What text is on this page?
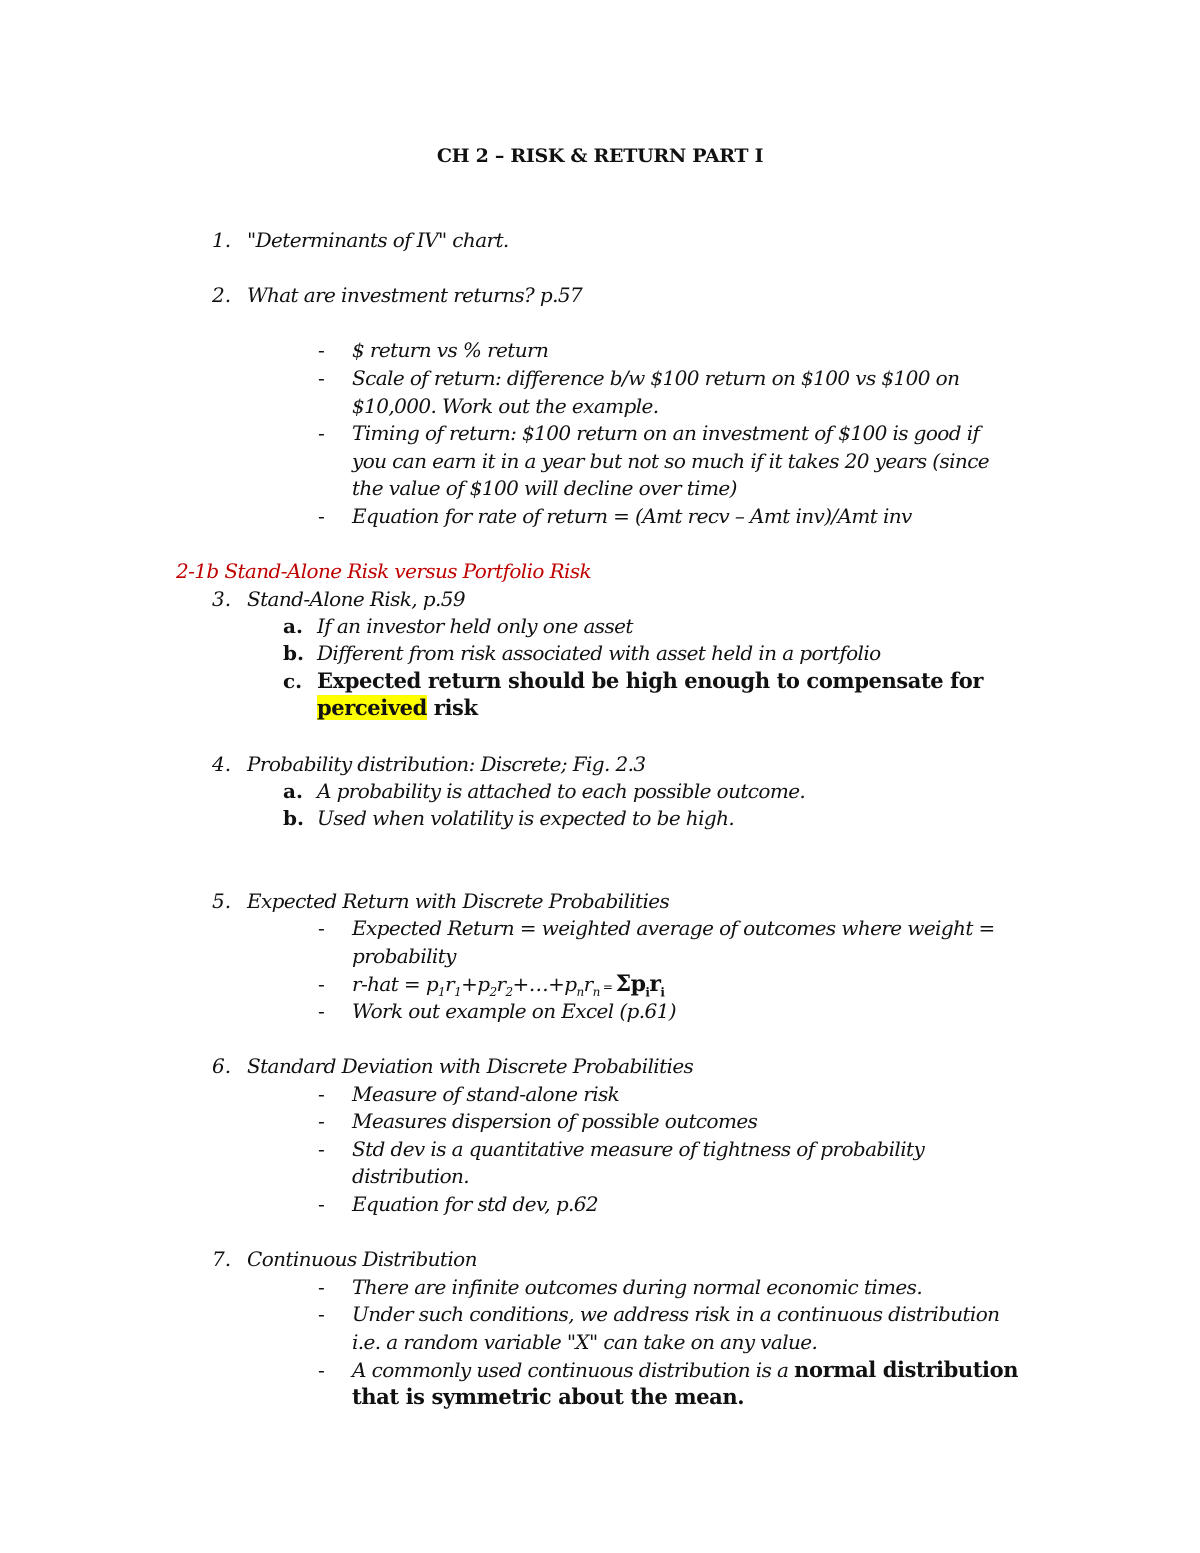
CH 2 – RISK & RETURN PART I
1. "Determinants of IV" chart.
2. What are investment returns? p.57
- $ return vs % return
- Scale of return: difference b/w $100 return on $100 vs $100 on
$10,000. Work out the example.
- Timing of return: $100 return on an investment of $100 is good if
you can earn it in a year but not so much if it takes 20 years (since
the value of $100 will decline over time)
- Equation for rate of return = (Amt recv – Amt inv)/Amt inv
2-1b Stand-Alone Risk versus Portfolio Risk
3. Stand-Alone Risk, p.59
a. If an investor held only one asset
b. Different from risk associated with asset held in a portfolio
c. Expected return should be high enough to compensate for
perceived risk
4. Probability distribution: Discrete; Fig. 2.3
a. A probability is attached to each possible outcome.
b. Used when volatility is expected to be high.
5. Expected Return with Discrete Probabilities
- Expected Return = weighted average of outcomes where weight =
probability
- $r-hat = p_1r_1+p_2r_2+\dots+p_nr_n = \Sigma p_ir_i$
- Work out example on Excel (p.61)
6. Standard Deviation with Discrete Probabilities
- Measure of stand-alone risk
- Measures dispersion of possible outcomes
- Std dev is a quantitative measure of tightness of probability
distribution.
- Equation for std dev, p.62
7. Continuous Distribution
- There are infinite outcomes during normal economic times.
- Under such conditions, we address risk in a continuous distribution
i.e. a random variable "X" can take on any value.
- A commonly used continuous distribution is a normal distribution
that is symmetric about the mean.
